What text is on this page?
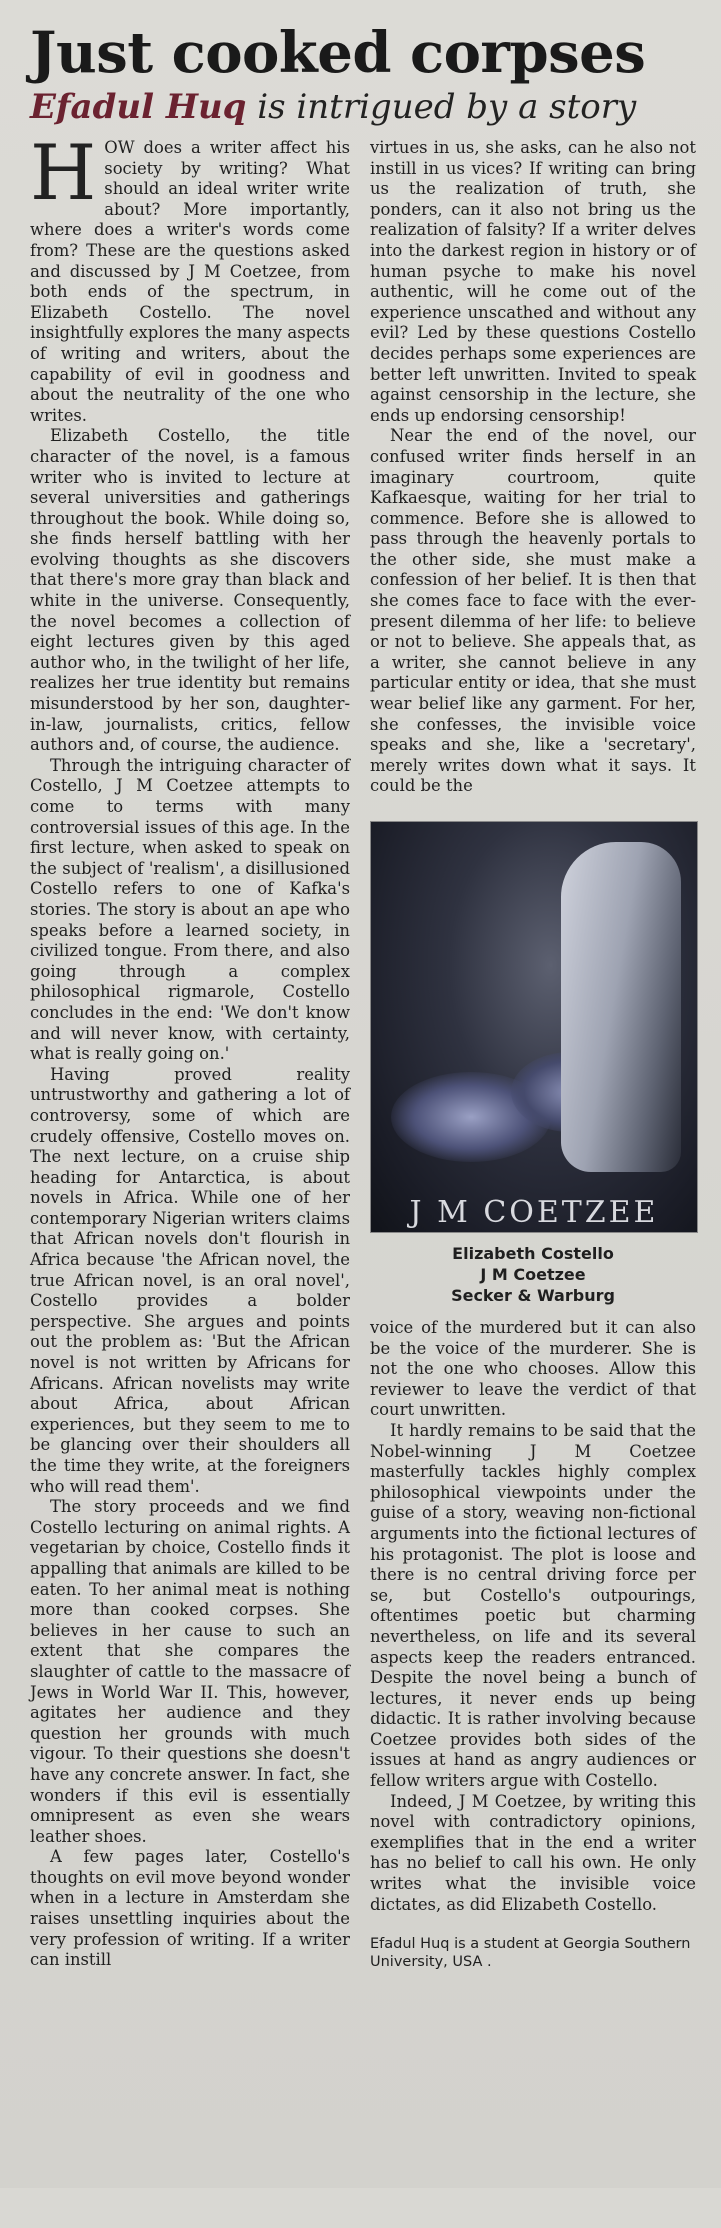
Just cooked corpses
Efadul Huq is intrigued by a story

HOW does a writer affect his society by writing? What should an ideal writer write about? More importantly, where does a writer's words come from? These are the questions asked and discussed by J M Coetzee, from both ends of the spectrum, in Elizabeth Costello. The novel insightfully explores the many aspects of writing and writers, about the capability of evil in goodness and about the neutrality of the one who writes.

Elizabeth Costello, the title character of the novel, is a famous writer who is invited to lecture at several universities and gatherings throughout the book. While doing so, she finds herself battling with her evolving thoughts as she discovers that there's more gray than black and white in the universe. Consequently, the novel becomes a collection of eight lectures given by this aged author who, in the twilight of her life, realizes her true identity but remains misunderstood by her son, daughter-in-law, journalists, critics, fellow authors and, of course, the audience.

Through the intriguing character of Costello, J M Coetzee attempts to come to terms with many controversial issues of this age. In the first lecture, when asked to speak on the subject of 'realism', a disillusioned Costello refers to one of Kafka's stories. The story is about an ape who speaks before a learned society, in civilized tongue. From there, and also going through a complex philosophical rigmarole, Costello concludes in the end: 'We don't know and will never know, with certainty, what is really going on.'

Having proved reality untrustworthy and gathering a lot of controversy, some of which are crudely offensive, Costello moves on. The next lecture, on a cruise ship heading for Antarctica, is about novels in Africa. While one of her contemporary Nigerian writers claims that African novels don't flourish in Africa because 'the African novel, the true African novel, is an oral novel', Costello provides a bolder perspective. She argues and points out the problem as: 'But the African novel is not written by Africans for Africans. African novelists may write about Africa, about African experiences, but they seem to me to be glancing over their shoulders all the time they write, at the foreigners who will read them'.

The story proceeds and we find Costello lecturing on animal rights. A vegetarian by choice, Costello finds it appalling that animals are killed to be eaten. To her animal meat is nothing more than cooked corpses. She believes in her cause to such an extent that she compares the slaughter of cattle to the massacre of Jews in World War II. This, however, agitates her audience and they question her grounds with much vigour. To their questions she doesn't have any concrete answer. In fact, she wonders if this evil is essentially omnipresent as even she wears leather shoes.

A few pages later, Costello's thoughts on evil move beyond wonder when in a lecture in Amsterdam she raises unsettling inquiries about the very profession of writing. If a writer can instill

virtues in us, she asks, can he also not instill in us vices? If writing can bring us the realization of truth, she ponders, can it also not bring us the realization of falsity? If a writer delves into the darkest region in history or of human psyche to make his novel authentic, will he come out of the experience unscathed and without any evil? Led by these questions Costello decides perhaps some experiences are better left unwritten. Invited to speak against censorship in the lecture, she ends up endorsing censorship!

Near the end of the novel, our confused writer finds herself in an imaginary courtroom, quite Kafkaesque, waiting for her trial to commence. Before she is allowed to pass through the heavenly portals to the other side, she must make a confession of her belief. It is then that she comes face to face with the ever-present dilemma of her life: to believe or not to believe. She appeals that, as a writer, she cannot believe in any particular entity or idea, that she must wear belief like any garment. For her, she confesses, the invisible voice speaks and she, like a 'secretary', merely writes down what it says. It could be the

J M COETZEE
Elizabeth Costello
J M Coetzee
Secker & Warburg

voice of the murdered but it can also be the voice of the murderer. She is not the one who chooses. Allow this reviewer to leave the verdict of that court unwritten.

It hardly remains to be said that the Nobel-winning J M Coetzee masterfully tackles highly complex philosophical viewpoints under the guise of a story, weaving non-fictional arguments into the fictional lectures of his protagonist. The plot is loose and there is no central driving force per se, but Costello's outpourings, oftentimes poetic but charming nevertheless, on life and its several aspects keep the readers entranced. Despite the novel being a bunch of lectures, it never ends up being didactic. It is rather involving because Coetzee provides both sides of the issues at hand as angry audiences or fellow writers argue with Costello.

Indeed, J M Coetzee, by writing this novel with contradictory opinions, exemplifies that in the end a writer has no belief to call his own. He only writes what the invisible voice dictates, as did Elizabeth Costello.

Efadul Huq is a student at Georgia Southern University, USA .
